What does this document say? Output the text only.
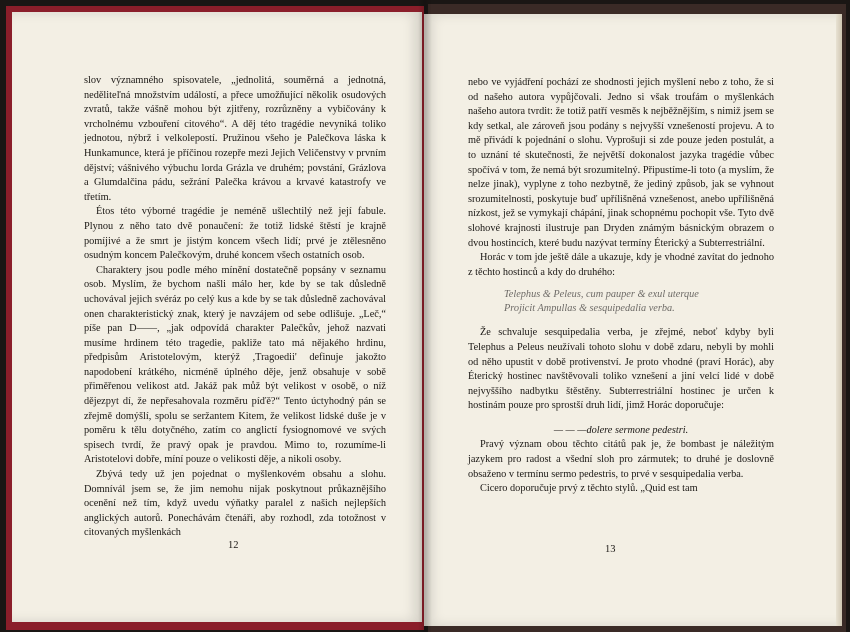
slov významného spisovatele, „jednolitá, souměrná a jednotná, neděliteľná množstvím událostí, a přece umožňující několik osudových zvratů, takže vášně mohou být zjitřeny, rozrůzněny a vybičovány k vrcholnému vzbouření citového“. A děj této tragédie nevyniká toliko jednotou, nýbrž i velkolepostí. Pružinou všeho je Palečkova láska k Hunkamunce, která je příčinou rozepře mezi Jejich Veličenstvy v prvním dějství; vášnivého výbuchu lorda Grázla ve druhém; povstání, Grázlova a Glumdalčina pádu, sežrání Palečka krávou a krvavé katastrofy ve třetím.

Étos této výborné tragédie je neméně ušlechtilý než její fabule. Plynou z něho tato dvě ponaučení: že totiž lidské štěstí je krajně pomíjivé a že smrt je jistým koncem všech lidí; prvé je ztělesněno osudným koncem Palečkovým, druhé koncem všech ostatních osob.

Charaktery jsou podle mého mínění dostatečně popsány v seznamu osob. Myslím, že bychom našli málo her, kde by se tak důsledně uchovával jejich svéráz po celý kus a kde by se tak důsledně zachovával onen charakteristický znak, který je navzájem od sebe odlišuje. „Leč,“ píše pan D——, „jak odpovídá charakter Palečkův, jehož nazvati musíme hrdinem této tragedie, pakliže tato má nějakého hrdinu, předpisům Aristotelovým, kterýž ,Tragoedii' definuje jakožto napodobení krátkého, nicméně úplného děje, jenž obsahuje v sobě přiměřenou velikost atd. Jakáž pak můž být velikost v osobě, o níž dějezpyt dí, že nepřesahovala rozměru píďě?“ Tento úctyhodný pán se zřejmě domýšlí, spolu se seržantem Kitem, že velikost lidské duše je v poměru k tělu dotyčného, zatím co anglictí fysiognomové ve svých spisech tvrdí, že pravý opak je pravdou. Mimo to, rozumíme-li Aristotelovi dobře, míní pouze o velikosti děje, a nikoli osoby.

Zbývá tedy už jen pojednat o myšlenkovém obsahu a slohu. Domnívál jsem se, že jim nemohu nijak poskytnout průkaznějšího ocenění než tím, když uvedu výňatky paralel z našich nejlepších anglických autorů. Ponechávám čtenáři, aby rozhodl, zda totožnost v citovaných myšlenkách

12

nebo ve vyjádření pochází ze shodnosti jejich myšlení nebo z toho, že si od našeho autora vypůjčovali. Jedno si však troufám o myšlenkách našeho autora tvrdit: že totiž patří vesměs k nejběžnějším, s nimiž jsem se kdy setkal, ale zároveň jsou podány s nejvyšší vznešeností projevu. A to mě přivádí k pojednání o slohu. Vyprošuji si zde pouze jeden postulát, a to uznání té skutečnosti, že největší dokonalost jazyka tragédie vůbec spočívá v tom, že nemá být srozumitelný. Připustíme-li toto (a myslím, že nelze jinak), vyplyne z toho nezbytně, že jediný způsob, jak se vyhnout srozumitelnosti, poskytuje buď upřílišněná vznešenost, anebo upřílišněná nízkost, jež se vymykají chápání, jinak schopnému pochopit vše. Tyto dvě slohové krajnosti ilustruje pan Dryden známým básnickým obrazem o dvou hostincích, které budu nazývat termíny Éterický a Subterrestriální.

Horác v tom jde ještě dále a ukazuje, kdy je vhodné zavítat do jednoho z těchto hostinců a kdy do druhého:

Telephus & Peleus, cum pauper & exul uterque
Projicit Ampullas & sesquipedalia verba.

Že schvaluje sesquipedalia verba, je zřejmé, neboť kdyby byli Telephus a Peleus neužívali tohoto slohu v době zdaru, nebyli by mohli od něho upustit v době protivenství. Je proto vhodné (praví Horác), aby Éterický hostinec navštěvovali toliko vznešení a jiní velcí lidé v době nejvyššího nadbytku štěstěny. Subterrestriální hostinec je určen k hostinám pouze pro sprostší druh lidí, jimž Horác doporučuje:

— — —dolere sermone pedestri.

Pravý význam obou těchto citátů pak je, že bombast je náležitým jazykem pro radost a všední sloh pro zármutek; to druhé je doslovně obsaženo v termínu sermo pedestris, to prvé v sesquipedalia verba.

Cicero doporučuje prvý z těchto stylů. „Quid est tam

13
